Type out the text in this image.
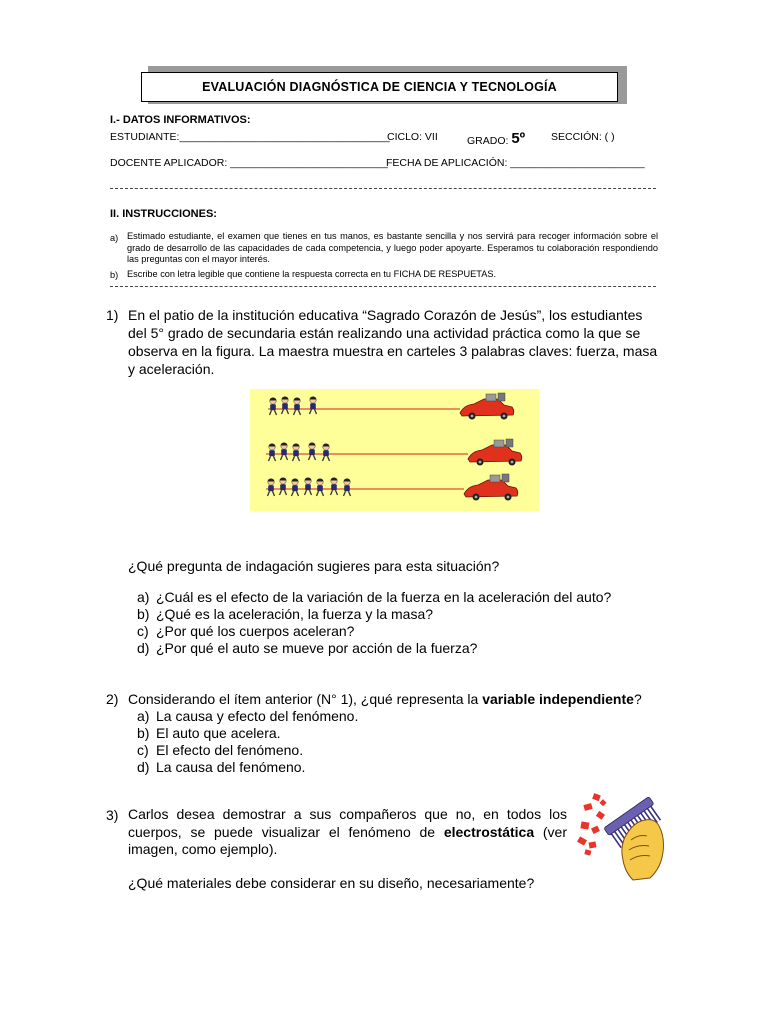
EVALUACIÓN DIAGNÓSTICA DE CIENCIA Y TECNOLOGÍA
I.- DATOS INFORMATIVOS:
ESTUDIANTE:____________________________________
CICLO: VII	GRADO: 5º SECCIÓN: ( )
DOCENTE APLICADOR: ___________________________
FECHA DE APLICACIÓN: _______________________
II. INSTRUCCIONES:
a) Estimado estudiante, el examen que tienes en tus manos, es bastante sencilla y nos servirá para recoger información sobre el grado de desarrollo de las capacidades de cada competencia, y luego poder apoyarte. Esperamos tu colaboración respondiendo las preguntas con el mayor interés.
b) Escribe con letra legible que contiene la respuesta correcta en tu FICHA DE RESPUETAS.
1) En el patio de la institución educativa “Sagrado Corazón de Jesús”, los estudiantes del 5° grado de secundaria están realizando una actividad práctica como la que se observa en la figura. La maestra muestra en carteles 3 palabras claves: fuerza, masa y aceleración.
¿Qué pregunta de indagación sugieres para esta situación?
a) ¿Cuál es el efecto de la variación de la fuerza en la aceleración del auto?
b) ¿Qué es la aceleración, la fuerza y la masa?
c) ¿Por qué los cuerpos aceleran?
d) ¿Por qué el auto se mueve por acción de la fuerza?
2) Considerando el ítem anterior (N° 1), ¿qué representa la variable independiente?
a) La causa y efecto del fenómeno.
b) El auto que acelera.
c) El efecto del fenómeno.
d) La causa del fenómeno.
3) Carlos desea demostrar a sus compañeros que no, en todos los cuerpos, se puede visualizar el fenómeno de electrostática (ver imagen, como ejemplo).
¿Qué materiales debe considerar en su diseño, necesariamente?
